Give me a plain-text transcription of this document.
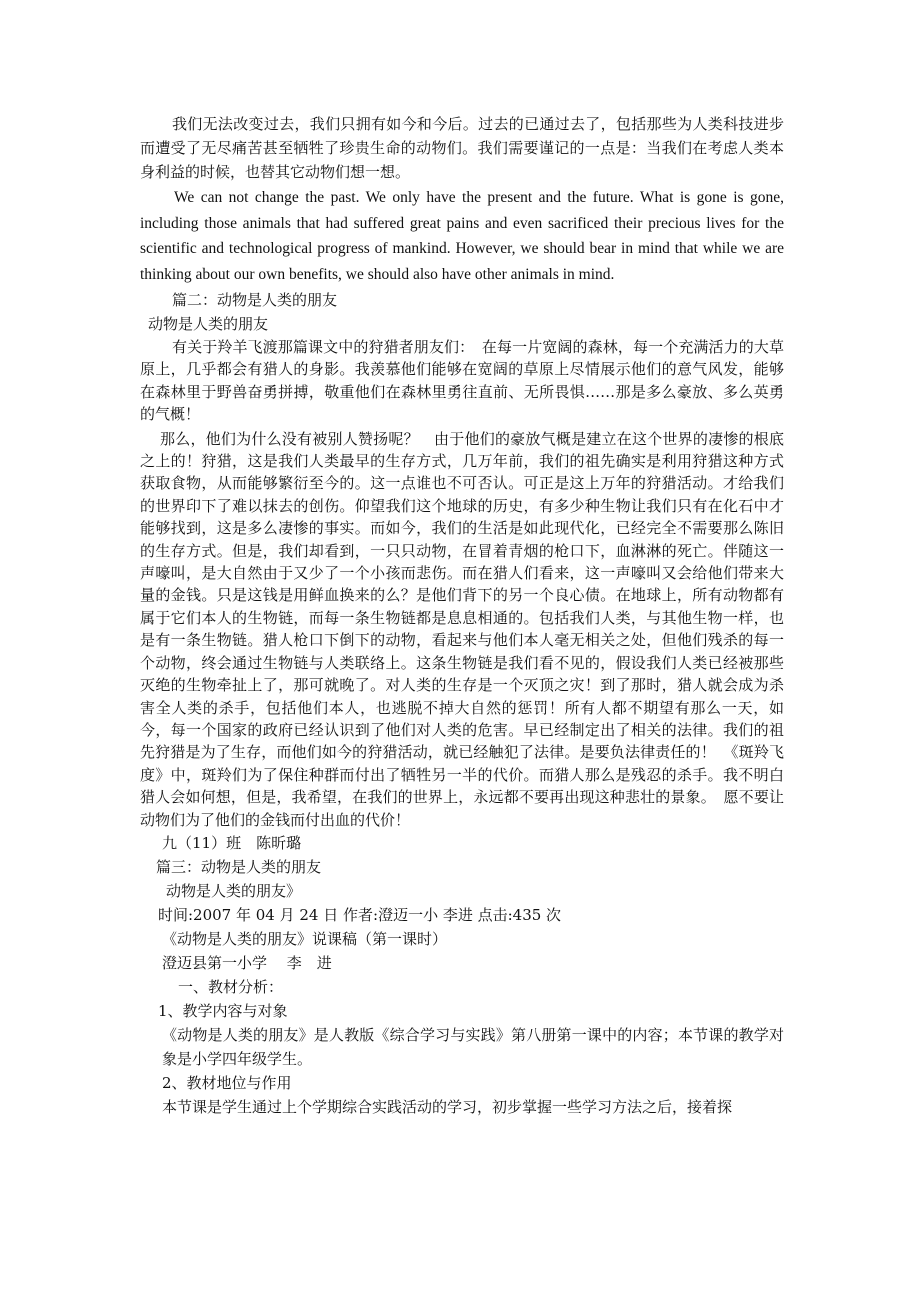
我们无法改变过去，我们只拥有如今和今后。过去的已通过去了，包括那些为人类科技进步而遭受了无尽痛苦甚至牺牲了珍贵生命的动物们。我们需要谨记的一点是：当我们在考虑人类本身利益的时候，也替其它动物们想一想。

We can not change the past. We only have the present and the future. What is gone is gone, including those animals that had suffered great pains and even sacrificed their precious lives for the scientific and technological progress of mankind. However, we should bear in mind that while we are thinking about our own benefits, we should also have other animals in mind.

篇二：动物是人类的朋友

动物是人类的朋友

有关于羚羊飞渡那篇课文中的狩猎者朋友们：　在每一片宽阔的森林，每一个充满活力的大草原上，几乎都会有猎人的身影。我羡慕他们能够在宽阔的草原上尽情展示他们的意气风发，能够在森林里于野兽奋勇拼搏，敬重他们在森林里勇往直前、无所畏惧……那是多么豪放、多么英勇的气概！

那么，他们为什么没有被别人赞扬呢？　由于他们的豪放气概是建立在这个世界的凄惨的根底之上的！狩猎，这是我们人类最早的生存方式，几万年前，我们的祖先确实是利用狩猎这种方式获取食物，从而能够繁衍至今的。这一点谁也不可否认。可正是这上万年的狩猎活动。才给我们的世界印下了难以抹去的创伤。仰望我们这个地球的历史，有多少种生物让我们只有在化石中才能够找到，这是多么凄惨的事实。而如今，我们的生活是如此现代化，已经完全不需要那么陈旧的生存方式。但是，我们却看到，一只只动物，在冒着青烟的枪口下，血淋淋的死亡。伴随这一声嚎叫，是大自然由于又少了一个小孩而悲伤。而在猎人们看来，这一声嚎叫又会给他们带来大量的金钱。只是这钱是用鲜血换来的么？是他们背下的另一个良心债。在地球上，所有动物都有属于它们本人的生物链，而每一条生物链都是息息相通的。包括我们人类，与其他生物一样，也是有一条生物链。猎人枪口下倒下的动物，看起来与他们本人毫无相关之处，但他们残杀的每一个动物，终会通过生物链与人类联络上。这条生物链是我们看不见的，假设我们人类已经被那些灭绝的生物牵扯上了，那可就晚了。对人类的生存是一个灭顶之灾！到了那时，猎人就会成为杀害全人类的杀手，包括他们本人，也逃脱不掉大自然的惩罚！所有人都不期望有那么一天，如今，每一个国家的政府已经认识到了他们对人类的危害。早已经制定出了相关的法律。我们的祖先狩猎是为了生存，而他们如今的狩猎活动，就已经触犯了法律。是要负法律责任的！　《斑羚飞度》中，斑羚们为了保住种群而付出了牺牲另一半的代价。而猎人那么是残忍的杀手。我不明白猎人会如何想，但是，我希望，在我们的世界上，永远都不要再出现这种悲壮的景象。　愿不要让动物们为了他们的金钱而付出血的代价！

九（11）班　陈昕璐

篇三：动物是人类的朋友

动物是人类的朋友》

时间:2007 年 04 月 24 日 作者:澄迈一小 李进 点击:435 次

《动物是人类的朋友》说课稿（第一课时）

澄迈县第一小学　 李　进

一、教材分析：

1、教学内容与对象

《动物是人类的朋友》是人教版《综合学习与实践》第八册第一课中的内容；本节课的教学对象是小学四年级学生。

2、教材地位与作用

本节课是学生通过上个学期综合实践活动的学习，初步掌握一些学习方法之后，接着探
